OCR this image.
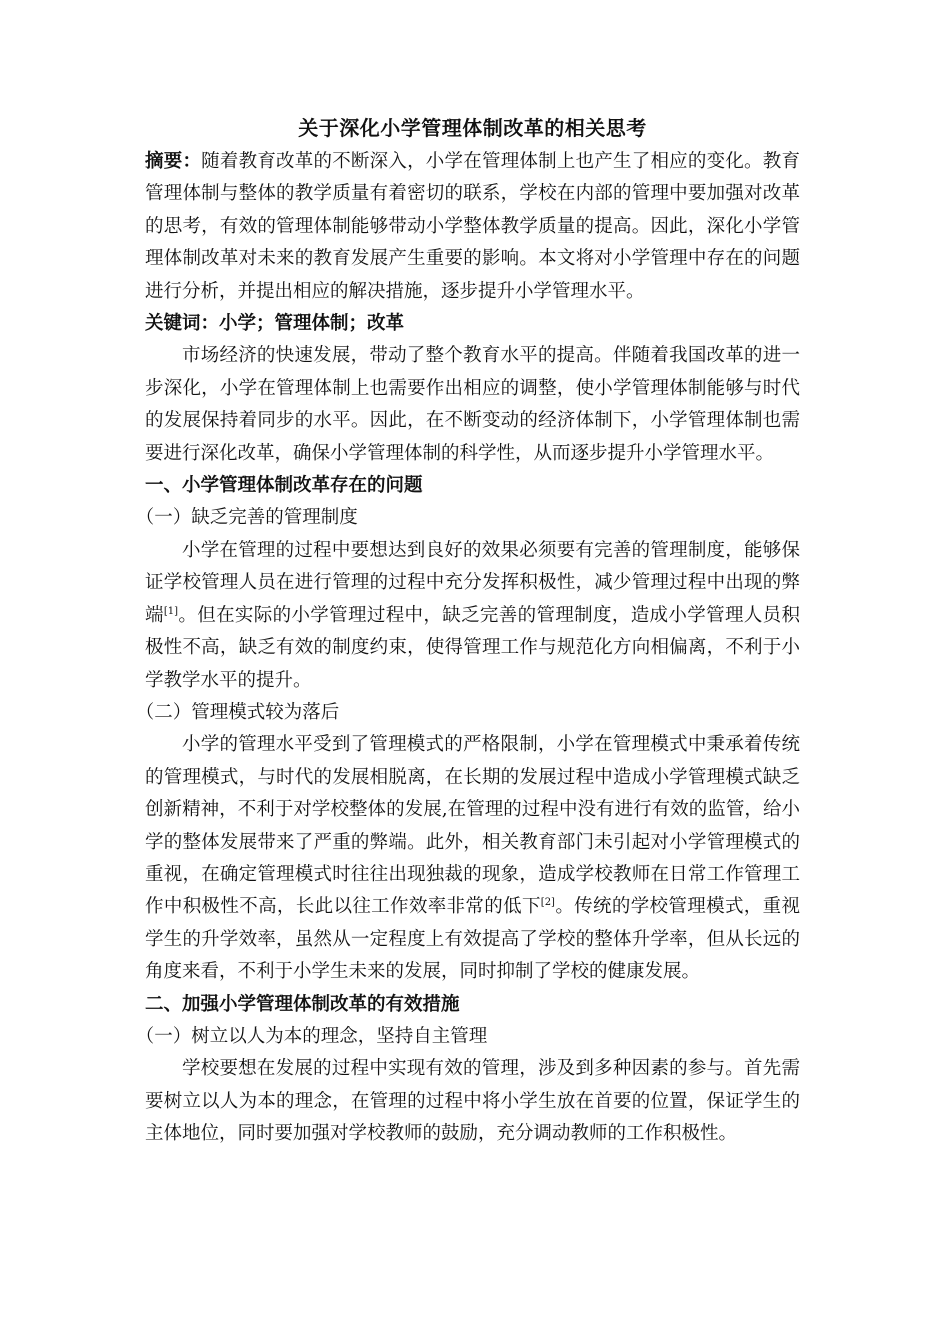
关于深化小学管理体制改革的相关思考

摘要：随着教育改革的不断深入，小学在管理体制上也产生了相应的变化。教育管理体制与整体的教学质量有着密切的联系，学校在内部的管理中要加强对改革的思考，有效的管理体制能够带动小学整体教学质量的提高。因此，深化小学管理体制改革对未来的教育发展产生重要的影响。本文将对小学管理中存在的问题进行分析，并提出相应的解决措施，逐步提升小学管理水平。

关键词：小学；管理体制；改革

市场经济的快速发展，带动了整个教育水平的提高。伴随着我国改革的进一步深化，小学在管理体制上也需要作出相应的调整，使小学管理体制能够与时代的发展保持着同步的水平。因此，在不断变动的经济体制下，小学管理体制也需要进行深化改革，确保小学管理体制的科学性，从而逐步提升小学管理水平。

一、小学管理体制改革存在的问题

（一）缺乏完善的管理制度

小学在管理的过程中要想达到良好的效果必须要有完善的管理制度，能够保证学校管理人员在进行管理的过程中充分发挥积极性，减少管理过程中出现的弊端[1]。但在实际的小学管理过程中，缺乏完善的管理制度，造成小学管理人员积极性不高，缺乏有效的制度约束，使得管理工作与规范化方向相偏离，不利于小学教学水平的提升。

（二）管理模式较为落后

小学的管理水平受到了管理模式的严格限制，小学在管理模式中秉承着传统的管理模式，与时代的发展相脱离，在长期的发展过程中造成小学管理模式缺乏创新精神，不利于对学校整体的发展,在管理的过程中没有进行有效的监管，给小学的整体发展带来了严重的弊端。此外，相关教育部门未引起对小学管理模式的重视，在确定管理模式时往往出现独裁的现象，造成学校教师在日常工作管理工作中积极性不高，长此以往工作效率非常的低下[2]。传统的学校管理模式，重视学生的升学效率，虽然从一定程度上有效提高了学校的整体升学率，但从长远的角度来看，不利于小学生未来的发展，同时抑制了学校的健康发展。

二、加强小学管理体制改革的有效措施

（一）树立以人为本的理念，坚持自主管理

学校要想在发展的过程中实现有效的管理，涉及到多种因素的参与。首先需要树立以人为本的理念，在管理的过程中将小学生放在首要的位置，保证学生的主体地位，同时要加强对学校教师的鼓励，充分调动教师的工作积极性。
